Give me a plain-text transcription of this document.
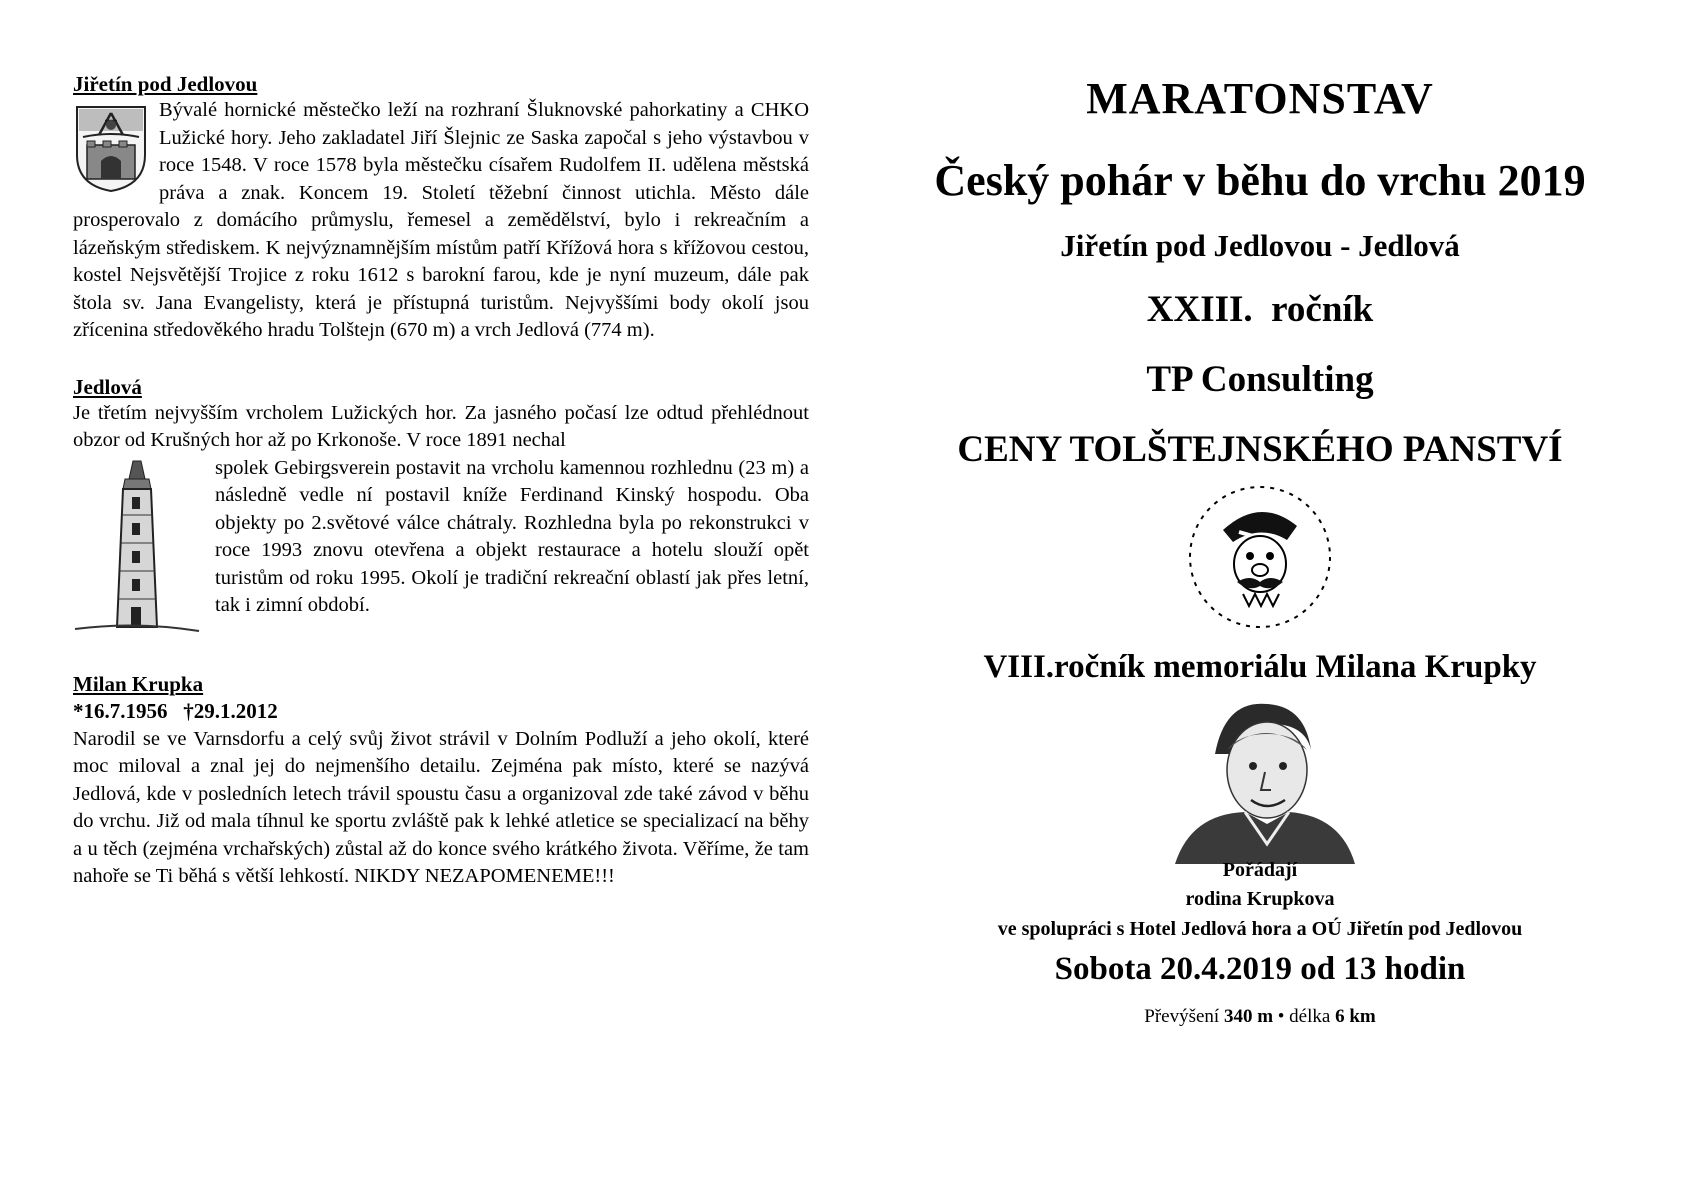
Jiřetín pod Jedlovou
Bývalé hornické městečko leží na rozhraní Šluknovské pahorkatiny a CHKO Lužické hory. Jeho zakladatel Jiří Šlejnic ze Saska započal s jeho výstavbou v roce 1548. V roce 1578 byla městečku císařem Rudolfem II. udělena městská práva a znak. Koncem 19. Století těžební činnost utichla. Město dále prosperovalo z domácího průmyslu, řemesel a zemědělství, bylo i rekreačním a lázeňským střediskem. K nejvýznamnějším místům patří Křížová hora s křížovou cestou, kostel Nejsvětější Trojice z roku 1612 s barokní farou, kde je nyní muzeum, dále pak štola sv. Jana Evangelisty, která je přístupná turistům. Nejvyššími body okolí jsou zřícenina středověkého hradu Tolštejn (670 m) a vrch Jedlová (774 m).
Jedlová
Je třetím nejvyšším vrcholem Lužických hor. Za jasného počasí lze odtud přehlédnout obzor od Krušných hor až po Krkonoše. V roce 1891 nechal
spolek Gebirgsverein postavit na vrcholu kamennou rozhlednu (23 m) a následně vedle ní postavil kníže Ferdinand Kinský hospodu. Oba objekty po 2.světové válce chátraly. Rozhledna byla po rekonstrukci v roce 1993 znovu otevřena a objekt restaurace a hotelu slouží opět turistům od roku 1995. Okolí je tradiční rekreační oblastí jak přes letní, tak i zimní období.
Milan Krupka
*16.7.1956   †29.1.2012
Narodil se ve Varnsdorfu a celý svůj život strávil v Dolním Podluží a jeho okolí, které moc miloval a znal jej do nejmenšího detailu. Zejména pak místo, které se nazývá Jedlová, kde v posledních letech trávil spoustu času a organizoval zde také závod v běhu do vrchu. Již od mala tíhnul ke sportu zvláště pak k lehké atletice se specializací na běhy a u těch (zejména vrchařských) zůstal až do konce svého krátkého života. Věříme, že tam nahoře se Ti běhá s větší lehkostí. NIKDY NEZAPOMENEME!!!
MARATONSTAV
Český pohár v běhu do vrchu 2019
Jiřetín pod Jedlovou - Jedlová
XXIII.  ročník
TP Consulting
CENY TOLŠTEJNSKÉHO PANSTVÍ
VIII.ročník memoriálu Milana Krupky
Pořádají
rodina Krupkova
ve spolupráci s Hotel Jedlová hora a OÚ Jiřetín pod Jedlovou
Sobota 20.4.2019 od 13 hodin
Převýšení 340 m • délka 6 km
